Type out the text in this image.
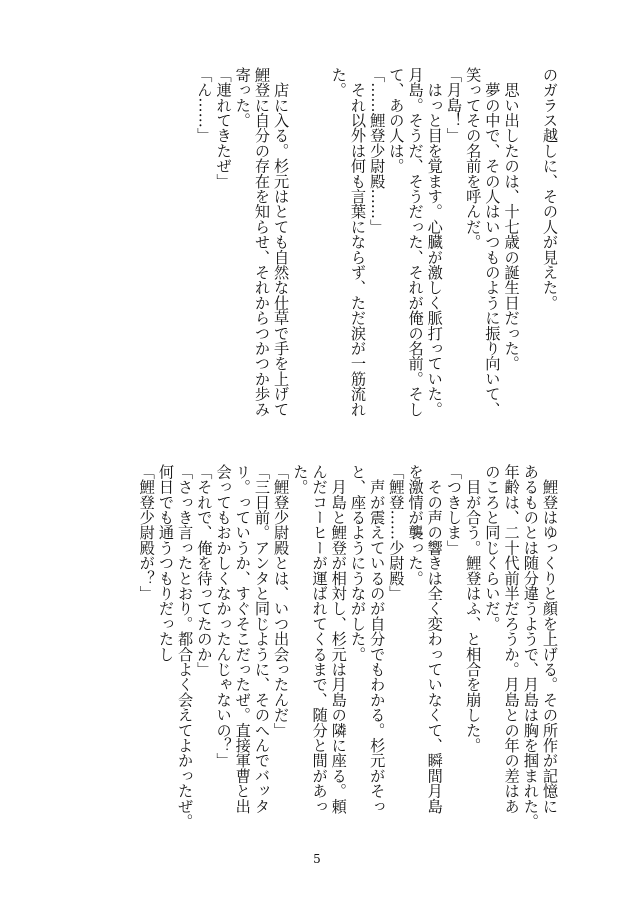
のガラス越しに、その人が見えた。

　思い出したのは、十七歳の誕生日だった。
　夢の中で、その人はいつものように振り向いて、
笑ってその名前を呼んだ。
「月島！」
　はっと目を覚ます。心臓が激しく脈打っていた。
月島。そうだ、そうだった、それが俺の名前。そし
て、あの人は。
「……鯉登少尉殿……」
　それ以外は何も言葉にならず、ただ涙が一筋流れ
た。

　店に入る。杉元はとても自然な仕草で手を上げて
鯉登に自分の存在を知らせ、それからつかつか歩み
寄った。
「連れてきたぜ」
「ん……」
　鯉登はゆっくりと顔を上げる。その所作が記憶に
あるものとは随分違うようで、月島は胸を掴まれた。
年齢は、二十代前半だろうか。月島との年の差はあ
のころと同じくらいだ。
　目が合う。鯉登はふ、と相合を崩した。
「つきしま」
　その声の響きは全く変わっていなくて、瞬間月島
を激情が襲った。
「鯉登……少尉殿」
　声が震えているのが自分でもわかる。杉元がそっ
と、座るようにうながした。
　月島と鯉登が相対し、杉元は月島の隣に座る。頼
んだコーヒーが運ばれてくるまで、随分と間があっ
た。
「鯉登少尉殿とは、いつ出会ったんだ」
「三日前。アンタと同じように、そのへんでバッタ
リ。っていうか、すぐそこだったぜ。直接軍曹と出
会ってもおかしくなかったんじゃないの？」
「それで、俺を待ってたのか」
「さっき言ったとおり。都合よく会えてよかったぜ。
何日でも通うつもりだったし
「鯉登少尉殿が？」
5
